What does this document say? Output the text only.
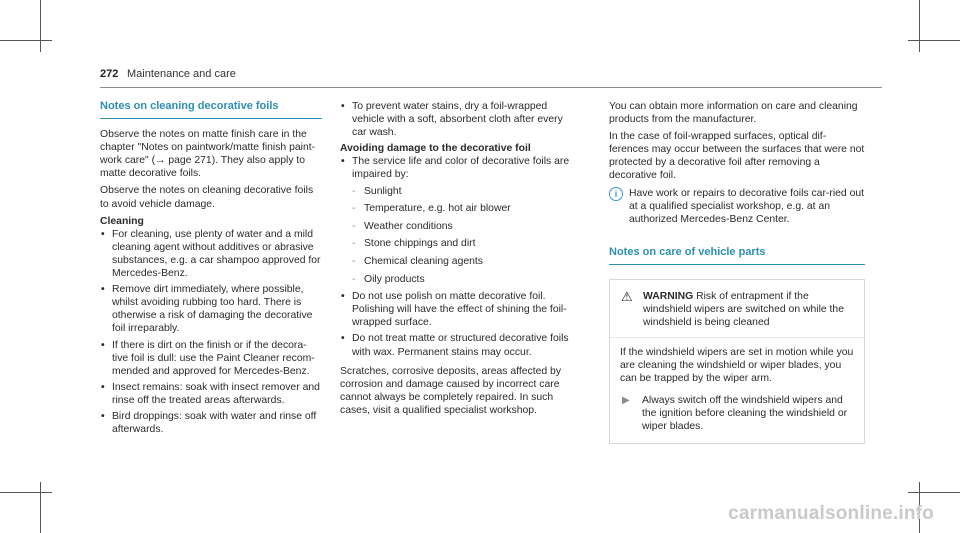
272 Maintenance and care
Notes on cleaning decorative foils

Observe the notes on matte finish care in the chapter "Notes on paintwork/matte finish paint-work care" (→ page 271). They also apply to matte decorative foils.

Observe the notes on cleaning decorative foils to avoid vehicle damage.

Cleaning
• For cleaning, use plenty of water and a mild cleaning agent without additives or abrasive substances, e.g. a car shampoo approved for Mercedes-Benz.
• Remove dirt immediately, where possible, whilst avoiding rubbing too hard. There is otherwise a risk of damaging the decorative foil irreparably.
• If there is dirt on the finish or if the decora-tive foil is dull: use the Paint Cleaner recom-mended and approved for Mercedes-Benz.
• Insect remains: soak with insect remover and rinse off the treated areas afterwards.
• Bird droppings: soak with water and rinse off afterwards.
• To prevent water stains, dry a foil-wrapped vehicle with a soft, absorbent cloth after every car wash.
Avoiding damage to the decorative foil
• The service life and color of decorative foils are impaired by:
- Sunlight
- Temperature, e.g. hot air blower
- Weather conditions
- Stone chippings and dirt
- Chemical cleaning agents
- Oily products
• Do not use polish on matte decorative foil. Polishing will have the effect of shining the foil-wrapped surface.
• Do not treat matte or structured decorative foils with wax. Permanent stains may occur.

Scratches, corrosive deposits, areas affected by corrosion and damage caused by incorrect care cannot always be completely repaired. In such cases, visit a qualified specialist workshop.

You can obtain more information on care and cleaning products from the manufacturer.

In the case of foil-wrapped surfaces, optical dif-ferences may occur between the surfaces that were not protected by a decorative foil after removing a decorative foil.

i	Have work or repairs to decorative foils car-ried out at a qualified specialist workshop, e.g. at an authorized Mercedes-Benz Center.
Notes on care of vehicle parts
⚠ WARNING Risk of entrapment if the windshield wipers are switched on while the windshield is being cleaned
If the windshield wipers are set in motion while you are cleaning the windshield or wiper blades, you can be trapped by the wiper arm.
▶ Always switch off the windshield wipers and the ignition before cleaning the windshield or wiper blades.
carmanualsonline.info
